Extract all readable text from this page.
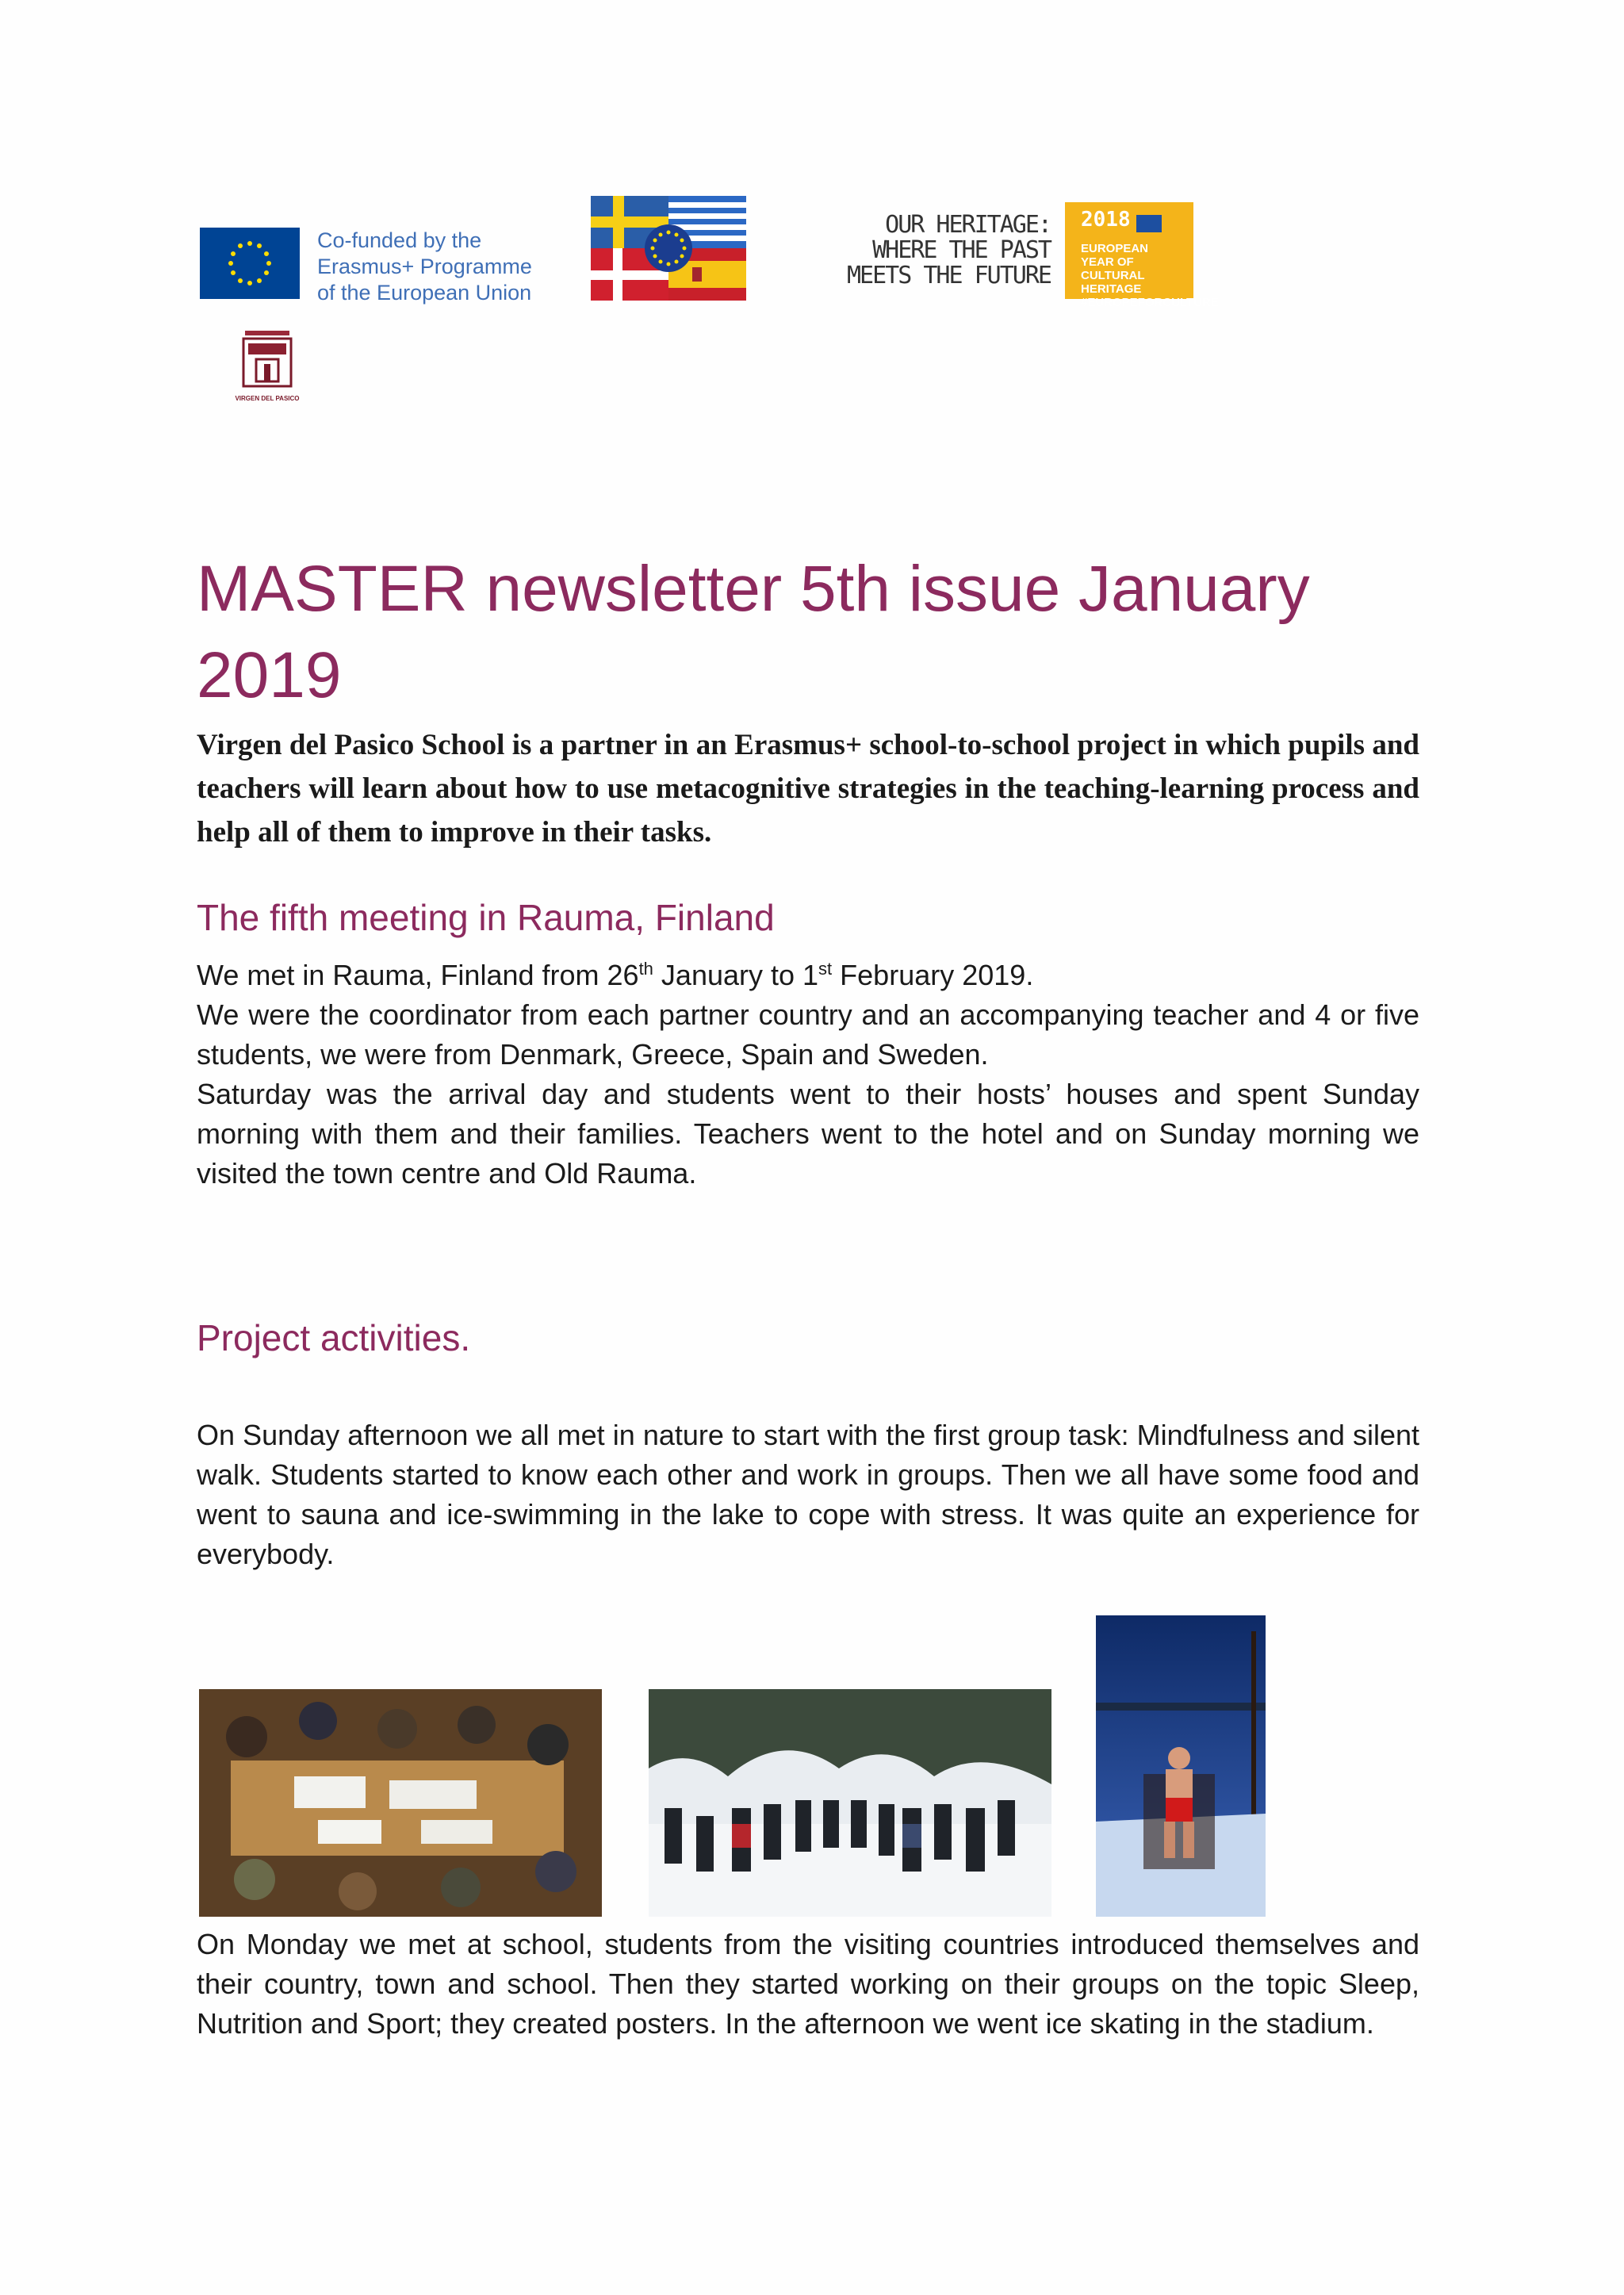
Co-funded by the
Erasmus+ Programme
of the European Union
OUR HERITAGE:
WHERE THE PAST
MEETS THE FUTURE
2018
EUROPEAN YEAR OF CULTURAL HERITAGE #EUROPEFORCULTURE
VIRGEN DEL PASICO
MASTER newsletter 5th issue January 2019

Virgen del Pasico School is a partner in an Erasmus+ school-to-school project in which pupils and teachers will learn about how to use metacognitive strategies in the teaching-learning process and help all of them to improve in their tasks.

The fifth meeting in Rauma, Finland
We met in Rauma, Finland from 26th January to 1st February 2019.
We were the coordinator from each partner country and an accompanying teacher and 4 or five students, we were from Denmark, Greece, Spain and Sweden.
Saturday was the arrival day and students went to their hosts’ houses and spent Sunday morning with them and their families. Teachers went to the hotel and on Sunday morning we visited the town centre and Old Rauma.
Project activities.

On Sunday afternoon we all met in nature to start with the first group task: Mindfulness and silent walk. Students started to know each other and work in groups. Then we all have some food and went to sauna and ice-swimming in the lake to cope with stress. It was quite an experience for everybody.

On Monday we met at school, students from the visiting countries introduced themselves and their country, town and school. Then they started working on their groups on the topic Sleep, Nutrition and Sport; they created posters. In the afternoon we went ice skating in the stadium.
